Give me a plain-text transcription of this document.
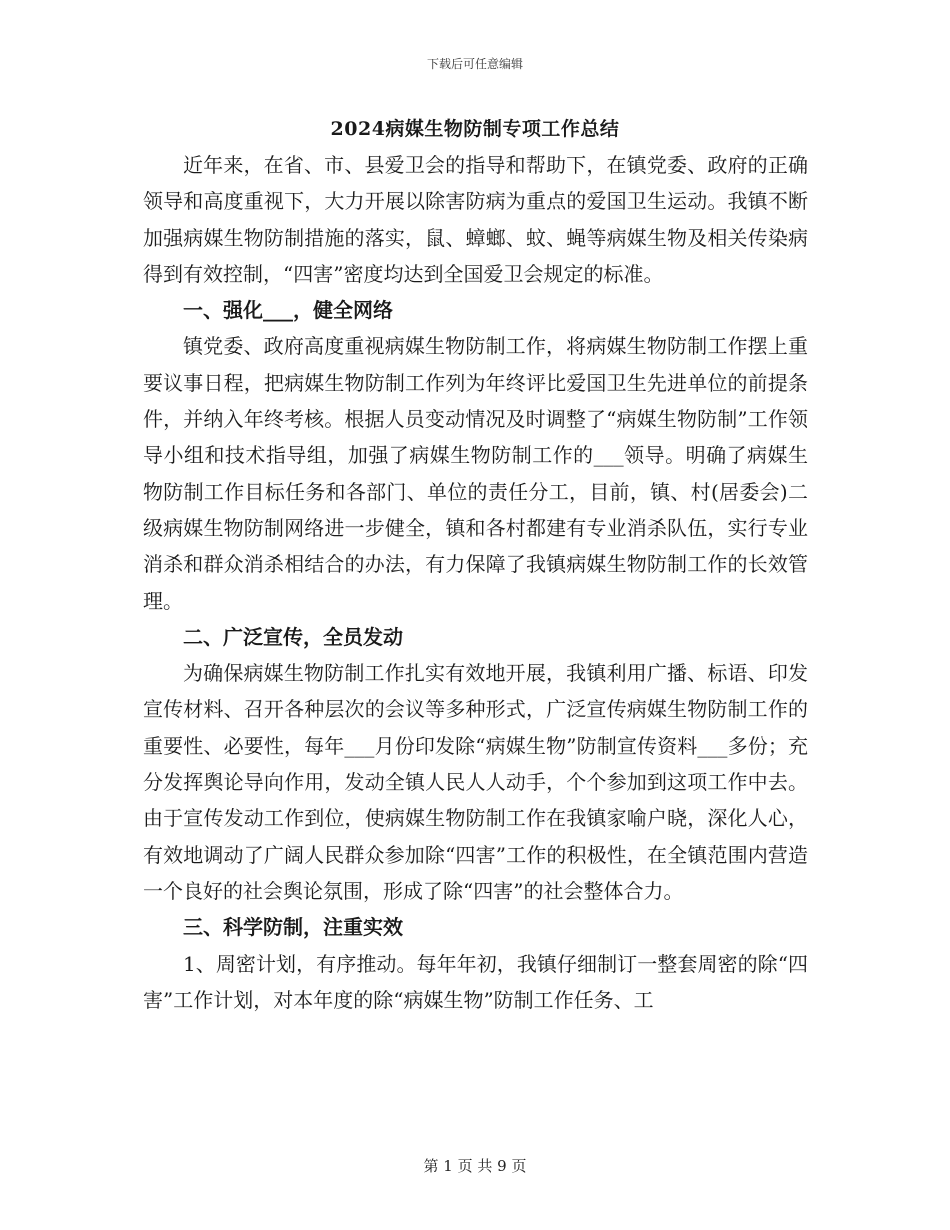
下载后可任意编辑
2024病媒生物防制专项工作总结

近年来，在省、市、县爱卫会的指导和帮助下，在镇党委、政府的正确领导和高度重视下，大力开展以除害防病为重点的爱国卫生运动。我镇不断加强病媒生物防制措施的落实，鼠、蟑螂、蚊、蝇等病媒生物及相关传染病得到有效控制，“四害”密度均达到全国爱卫会规定的标准。

一、强化___，健全网络

镇党委、政府高度重视病媒生物防制工作，将病媒生物防制工作摆上重要议事日程，把病媒生物防制工作列为年终评比爱国卫生先进单位的前提条件，并纳入年终考核。根据人员变动情况及时调整了“病媒生物防制”工作领导小组和技术指导组，加强了病媒生物防制工作的___领导。明确了病媒生物防制工作目标任务和各部门、单位的责任分工，目前，镇、村(居委会)二级病媒生物防制网络进一步健全，镇和各村都建有专业消杀队伍，实行专业消杀和群众消杀相结合的办法，有力保障了我镇病媒生物防制工作的长效管理。

二、广泛宣传，全员发动

为确保病媒生物防制工作扎实有效地开展，我镇利用广播、标语、印发宣传材料、召开各种层次的会议等多种形式，广泛宣传病媒生物防制工作的重要性、必要性，每年___月份印发除“病媒生物”防制宣传资料___多份；充分发挥舆论导向作用，发动全镇人民人人动手，个个参加到这项工作中去。由于宣传发动工作到位，使病媒生物防制工作在我镇家喻户晓，深化人心，有效地调动了广阔人民群众参加除“四害”工作的积极性，在全镇范围内营造一个良好的社会舆论氛围，形成了除“四害”的社会整体合力。

三、科学防制，注重实效

1、周密计划，有序推动。每年年初，我镇仔细制订一整套周密的除“四害”工作计划，对本年度的除“病媒生物”防制工作任务、工

第 1 页 共 9 页
